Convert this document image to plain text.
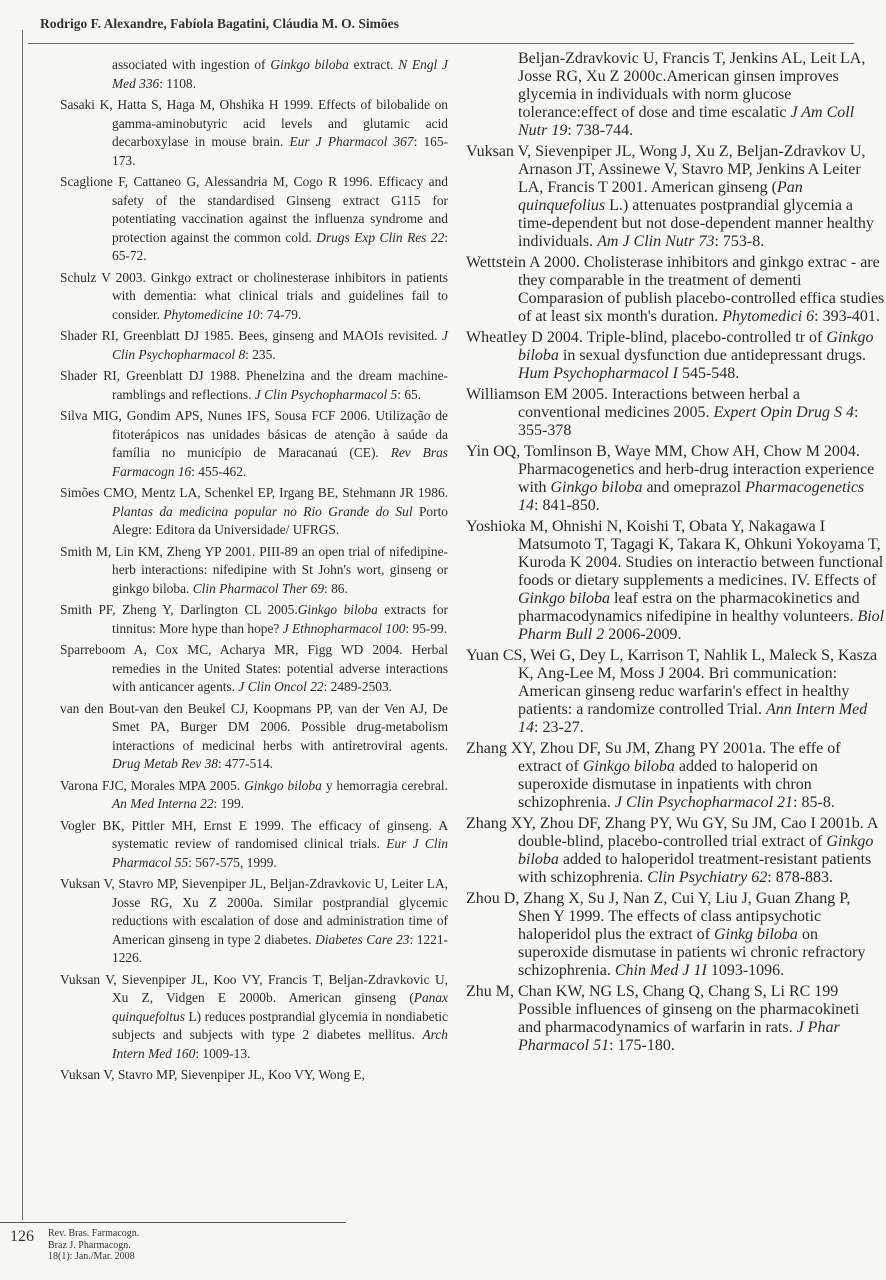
Rodrigo F. Alexandre, Fabíola Bagatini, Cláudia M. O. Simões

associated with ingestion of Ginkgo biloba extract. N Engl J Med 336: 1108.

Sasaki K, Hatta S, Haga M, Ohshika H 1999. Effects of bilobalide on gamma-aminobutyric acid levels and glutamic acid decarboxylase in mouse brain. Eur J Pharmacol 367: 165-173.

Scaglione F, Cattaneo G, Alessandria M, Cogo R 1996. Efficacy and safety of the standardised Ginseng extract G115 for potentiating vaccination against the influenza syndrome and protection against the common cold. Drugs Exp Clin Res 22: 65-72.

Schulz V 2003. Ginkgo extract or cholinesterase inhibitors in patients with dementia: what clinical trials and guidelines fail to consider. Phytomedicine 10: 74-79.

Shader RI, Greenblatt DJ 1985. Bees, ginseng and MAOIs revisited. J Clin Psychopharmacol 8: 235.

Shader RI, Greenblatt DJ 1988. Phenelzina and the dream machine-ramblings and reflections. J Clin Psychopharmacol 5: 65.

Silva MIG, Gondim APS, Nunes IFS, Sousa FCF 2006. Utilização de fitoterápicos nas unidades básicas de atenção à saúde da família no município de Maracanaú (CE). Rev Bras Farmacogn 16: 455-462.

Simões CMO, Mentz LA, Schenkel EP, Irgang BE, Stehmann JR 1986. Plantas da medicina popular no Rio Grande do Sul Porto Alegre: Editora da Universidade/ UFRGS.

Smith M, Lin KM, Zheng YP 2001. PIII-89 an open trial of nifedipine-herb interactions: nifedipine with St John's wort, ginseng or ginkgo biloba. Clin Pharmacol Ther 69: 86.

Smith PF, Zheng Y, Darlington CL 2005.Ginkgo biloba extracts for tinnitus: More hype than hope? J Ethnopharmacol 100: 95-99.

Sparreboom A, Cox MC, Acharya MR, Figg WD 2004. Herbal remedies in the United States: potential adverse interactions with anticancer agents. J Clin Oncol 22: 2489-2503.

van den Bout-van den Beukel CJ, Koopmans PP, van der Ven AJ, De Smet PA, Burger DM 2006. Possible drug-metabolism interactions of medicinal herbs with antiretroviral agents. Drug Metab Rev 38: 477-514.

Varona FJC, Morales MPA 2005. Ginkgo biloba y hemorragia cerebral. An Med Interna 22: 199.

Vogler BK, Pittler MH, Ernst E 1999. The efficacy of ginseng. A systematic review of randomised clinical trials. Eur J Clin Pharmacol 55: 567-575, 1999.

Vuksan V, Stavro MP, Sievenpiper JL, Beljan-Zdravkovic U, Leiter LA, Josse RG, Xu Z 2000a. Similar postprandial glycemic reductions with escalation of dose and administration time of American ginseng in type 2 diabetes. Diabetes Care 23: 1221-1226.

Vuksan V, Sievenpiper JL, Koo VY, Francis T, Beljan-Zdravkovic U, Xu Z, Vidgen E 2000b. American ginseng (Panax quinquefoltus L) reduces postprandial glycemia in nondiabetic subjects and subjects with type 2 diabetes mellitus. Arch Intern Med 160: 1009-13.

Vuksan V, Stavro MP, Sievenpiper JL, Koo VY, Wong E,

Beljan-Zdravkovic U, Francis T, Jenkins AL, Leit LA, Josse RG, Xu Z 2000c.American ginsen improves glycemia in individuals with norm glucose tolerance:effect of dose and time escalatic J Am Coll Nutr 19: 738-744.

Vuksan V, Sievenpiper JL, Wong J, Xu Z, Beljan-Zdravkov U, Arnason JT, Assinewe V, Stavro MP, Jenkins A Leiter LA, Francis T 2001. American ginseng (Pan quinquefolius L.) attenuates postprandial glycemia a time-dependent but not dose-dependent manner healthy individuals. Am J Clin Nutr 73: 753-8.

Wettstein A 2000. Cholisterase inhibitors and ginkgo extrac - are they comparable in the treatment of dementi Comparasion of publish placebo-controlled effica studies of at least six month's duration. Phytomedici 6: 393-401.

Wheatley D 2004. Triple-blind, placebo-controlled tr of Ginkgo biloba in sexual dysfunction due antidepressant drugs. Hum Psychopharmacol I 545-548.

Williamson EM 2005. Interactions between herbal a conventional medicines 2005. Expert Opin Drug S 4: 355-378

Yin OQ, Tomlinson B, Waye MM, Chow AH, Chow M 2004. Pharmacogenetics and herb-drug interaction experience with Ginkgo biloba and omeprazol Pharmacogenetics 14: 841-850.

Yoshioka M, Ohnishi N, Koishi T, Obata Y, Nakagawa I Matsumoto T, Tagagi K, Takara K, Ohkuni Yokoyama T, Kuroda K 2004. Studies on interactio between functional foods or dietary supplements a medicines. IV. Effects of Ginkgo biloba leaf estra on the pharmacokinetics and pharmacodynamics nifedipine in healthy volunteers. Biol Pharm Bull 2 2006-2009.

Yuan CS, Wei G, Dey L, Karrison T, Nahlik L, Maleck S, Kasza K, Ang-Lee M, Moss J 2004. Bri communication: American ginseng reduc warfarin's effect in healthy patients: a randomize controlled Trial. Ann Intern Med 14: 23-27.

Zhang XY, Zhou DF, Su JM, Zhang PY 2001a. The effe of extract of Ginkgo biloba added to haloperid on superoxide dismutase in inpatients with chron schizophrenia. J Clin Psychopharmacol 21: 85-8.

Zhang XY, Zhou DF, Zhang PY, Wu GY, Su JM, Cao I 2001b. A double-blind, placebo-controlled trial extract of Ginkgo biloba added to haloperidol treatment-resistant patients with schizophrenia. Clin Psychiatry 62: 878-883.

Zhou D, Zhang X, Su J, Nan Z, Cui Y, Liu J, Guan Zhang P, Shen Y 1999. The effects of class antipsychotic haloperidol plus the extract of Ginkg biloba on superoxide dismutase in patients wi chronic refractory schizophrenia. Chin Med J 1I 1093-1096.

Zhu M, Chan KW, NG LS, Chang Q, Chang S, Li RC 199 Possible influences of ginseng on the pharmacokineti and pharmacodynamics of warfarin in rats. J Phar Pharmacol 51: 175-180.

126 Rev. Bras. Farmacogn.
Braz J. Pharmacogn.
18(1): Jan./Mar. 2008
